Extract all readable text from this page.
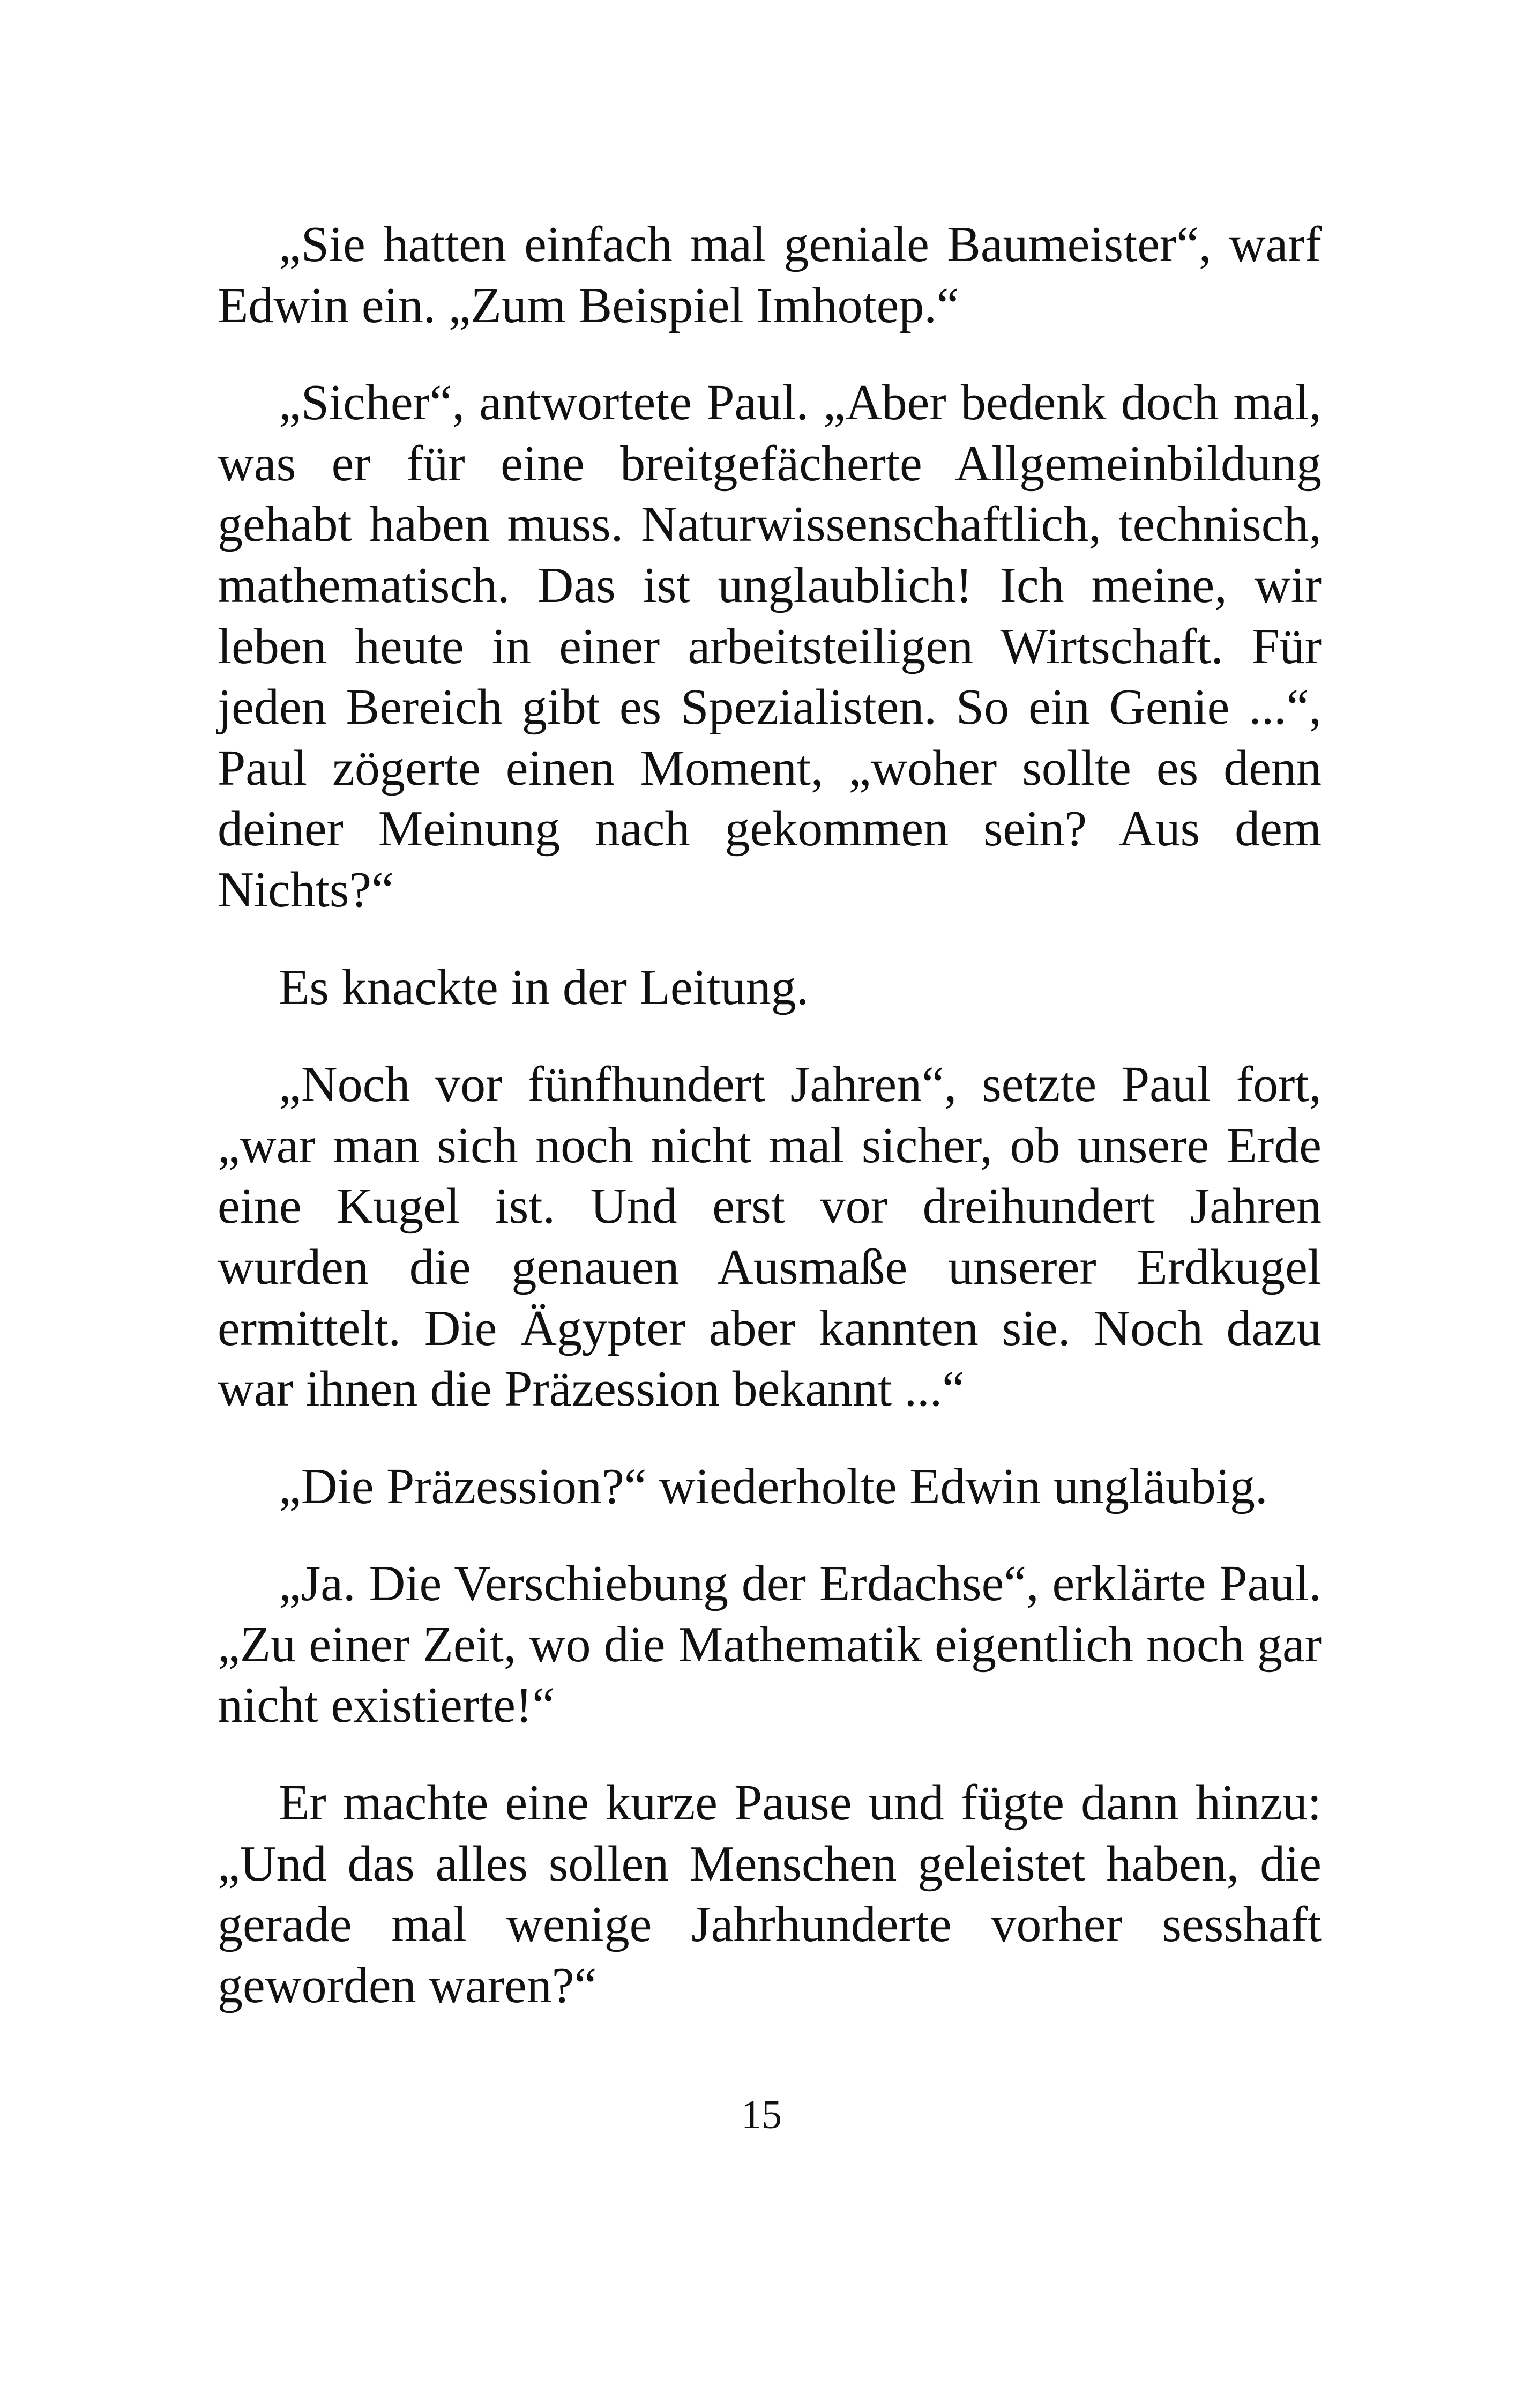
„Sie hatten einfach mal geniale Baumeister“, warf Edwin ein. „Zum Beispiel Imhotep.“

„Sicher“, antwortete Paul. „Aber bedenk doch mal, was er für eine breitgefächerte Allgemeinbildung gehabt haben muss. Naturwissenschaftlich, technisch, mathematisch. Das ist unglaublich! Ich meine, wir leben heute in einer arbeitsteiligen Wirtschaft. Für jeden Bereich gibt es Spezialisten. So ein Genie ...“, Paul zögerte einen Moment, „woher sollte es denn deiner Meinung nach gekommen sein? Aus dem Nichts?“

Es knackte in der Leitung.

„Noch vor fünfhundert Jahren“, setzte Paul fort, „war man sich noch nicht mal sicher, ob unsere Erde eine Kugel ist. Und erst vor dreihundert Jahren wurden die genauen Ausmaße unserer Erdkugel ermittelt. Die Ägypter aber kannten sie. Noch dazu war ihnen die Präzession bekannt ...“

„Die Präzession?“ wiederholte Edwin ungläubig.

„Ja. Die Verschiebung der Erdachse“, erklärte Paul. „Zu einer Zeit, wo die Mathematik eigentlich noch gar nicht existierte!“

Er machte eine kurze Pause und fügte dann hinzu: „Und das alles sollen Menschen geleistet haben, die gerade mal wenige Jahrhunderte vorher sesshaft geworden waren?“

15
